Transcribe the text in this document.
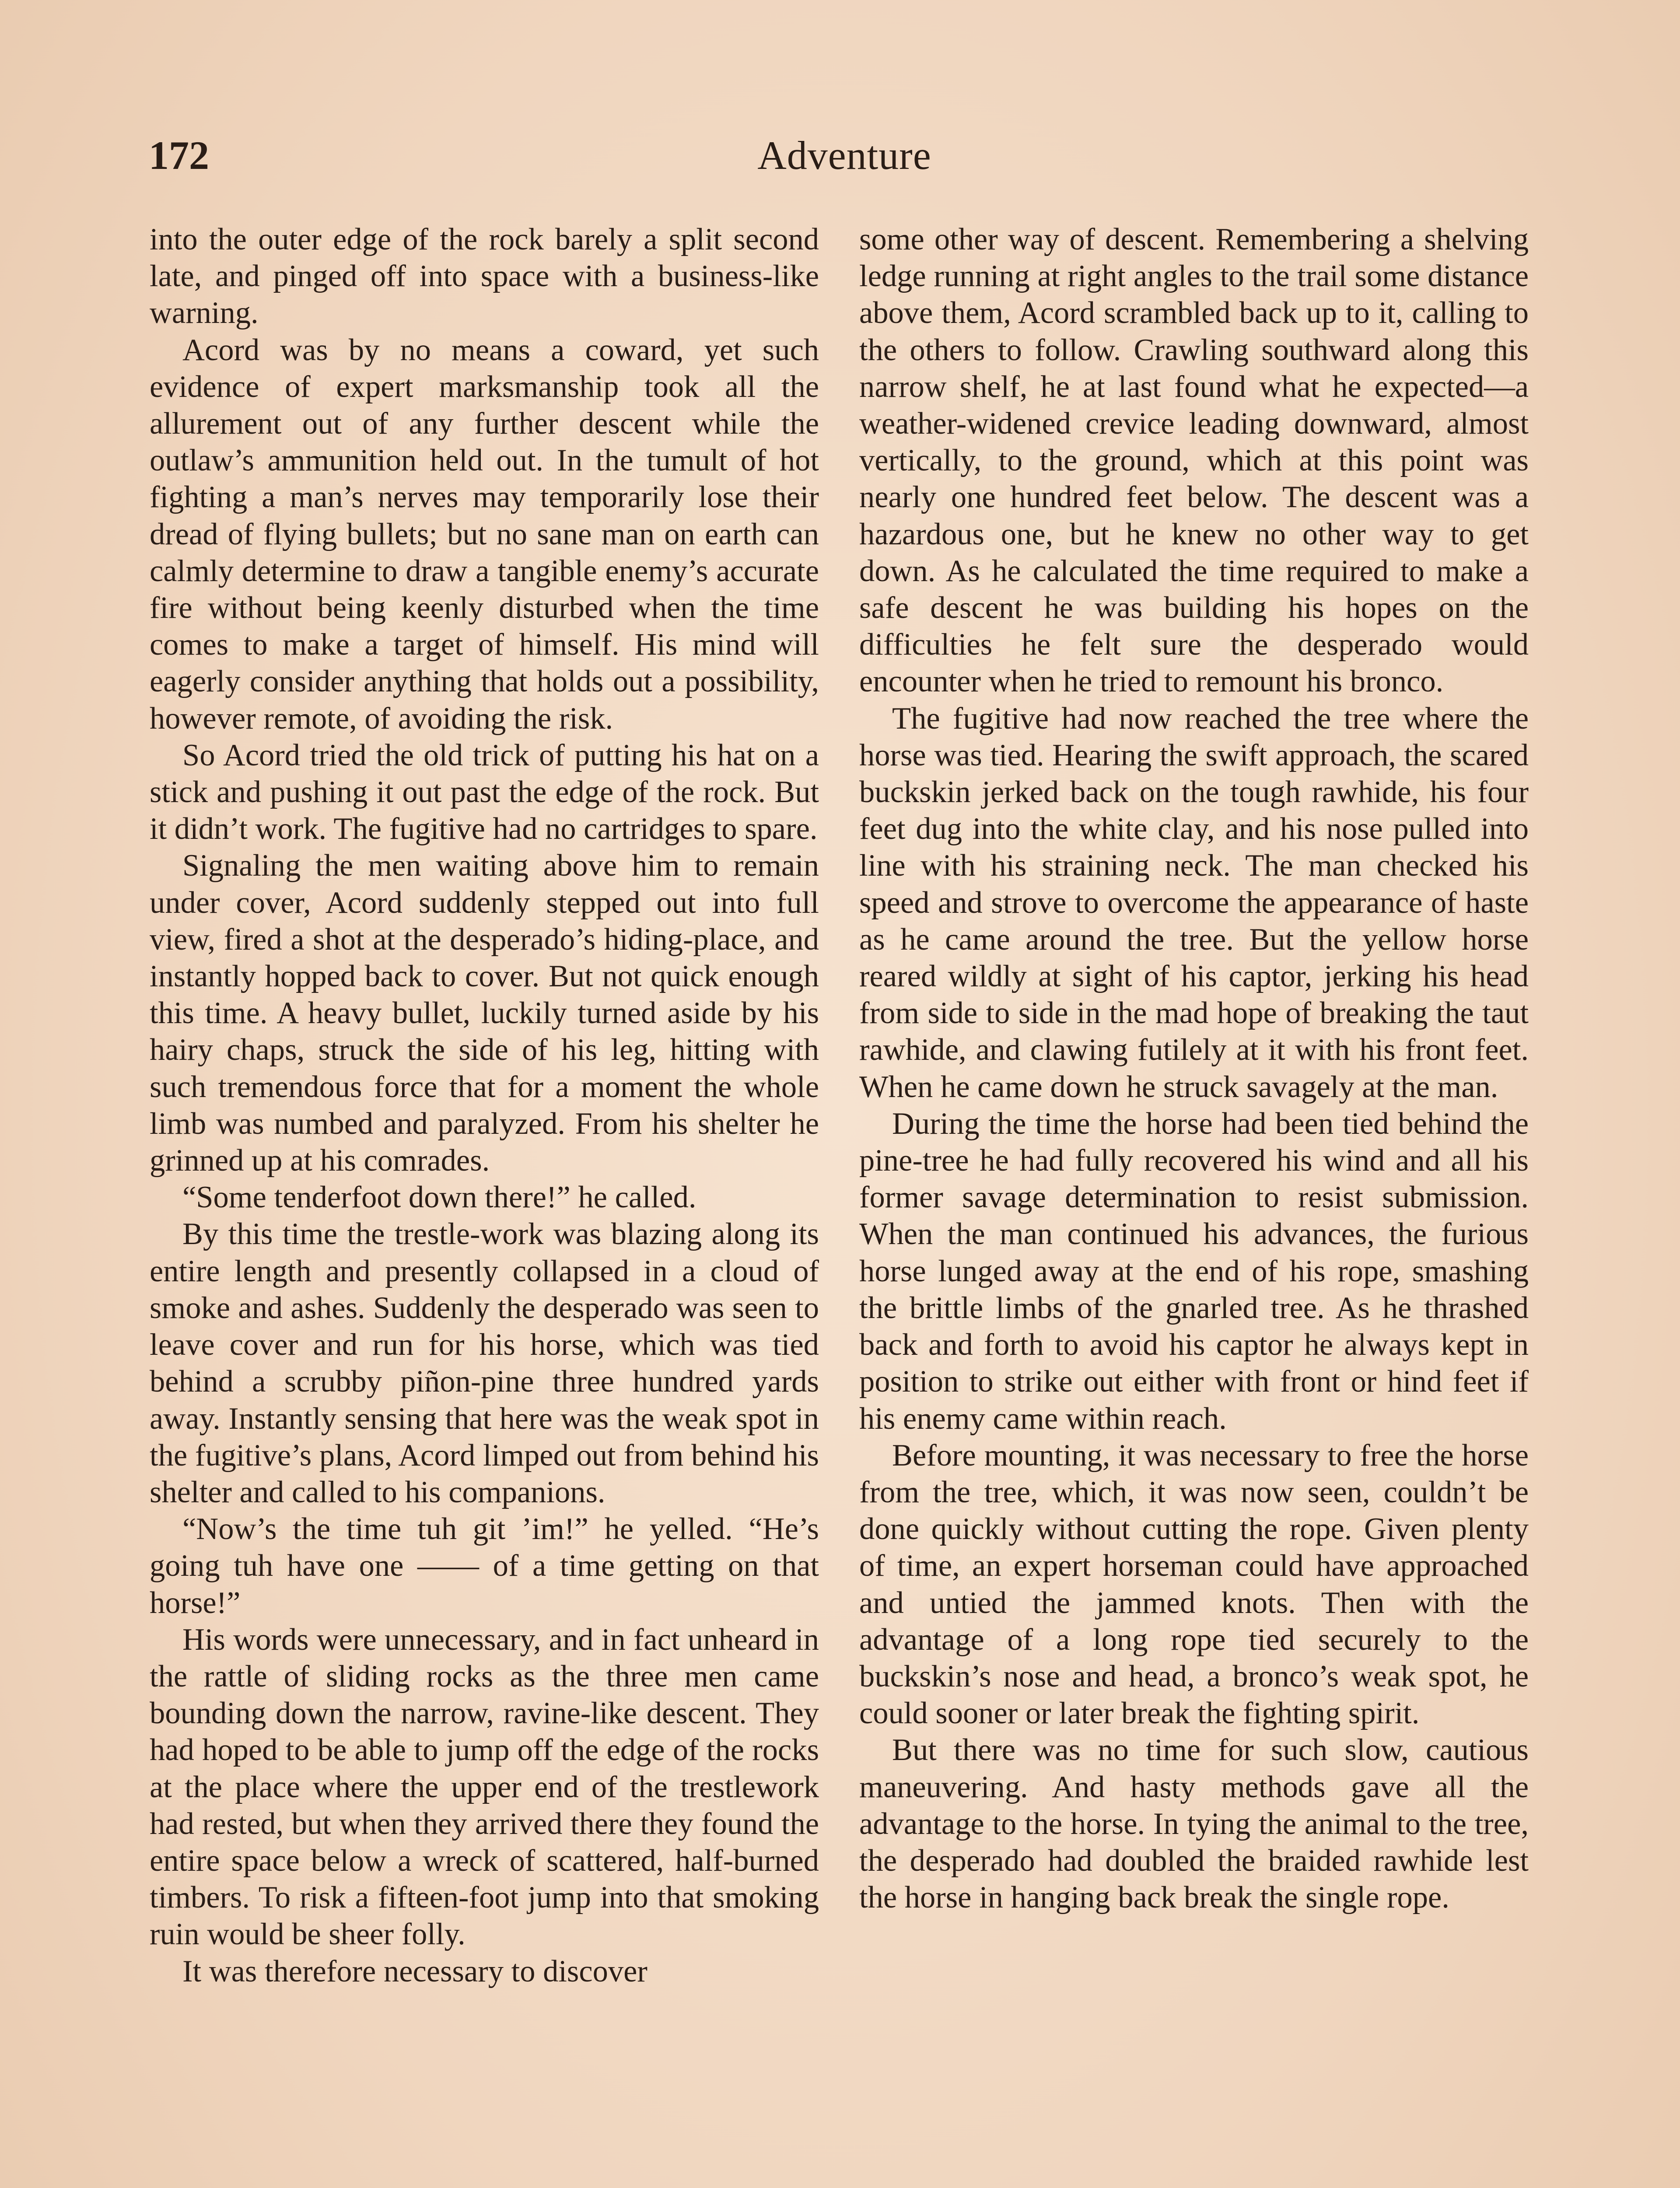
172	Adventure

into the outer edge of the rock barely a split second late, and pinged off into space with a business-like warning.

Acord was by no means a coward, yet such evidence of expert marksmanship took all the allurement out of any further descent while the outlaw’s ammunition held out. In the tumult of hot fighting a man’s nerves may temporarily lose their dread of flying bullets; but no sane man on earth can calmly determine to draw a tangible enemy’s accurate fire without being keenly disturbed when the time comes to make a target of himself. His mind will eagerly consider anything that holds out a possibility, however remote, of avoiding the risk.

So Acord tried the old trick of putting his hat on a stick and pushing it out past the edge of the rock. But it didn’t work. The fugitive had no cartridges to spare.

Signaling the men waiting above him to remain under cover, Acord suddenly stepped out into full view, fired a shot at the desperado’s hiding-place, and instantly hopped back to cover. But not quick enough this time. A heavy bullet, luckily turned aside by his hairy chaps, struck the side of his leg, hitting with such tremendous force that for a moment the whole limb was numbed and paralyzed. From his shelter he grinned up at his comrades.

“Some tenderfoot down there!” he called.

By this time the trestle-work was blazing along its entire length and presently collapsed in a cloud of smoke and ashes. Suddenly the desperado was seen to leave cover and run for his horse, which was tied behind a scrubby piñon-pine three hundred yards away. Instantly sensing that here was the weak spot in the fugitive’s plans, Acord limped out from behind his shelter and called to his companions.

“Now’s the time tuh git ’im!” he yelled. “He’s going tuh have one —— of a time getting on that horse!”

His words were unnecessary, and in fact unheard in the rattle of sliding rocks as the three men came bounding down the narrow, ravine-like descent. They had hoped to be able to jump off the edge of the rocks at the place where the upper end of the trestlework had rested, but when they arrived there they found the entire space below a wreck of scattered, half-burned timbers. To risk a fifteen-foot jump into that smoking ruin would be sheer folly.

It was therefore necessary to discover

some other way of descent. Remembering a shelving ledge running at right angles to the trail some distance above them, Acord scrambled back up to it, calling to the others to follow. Crawling southward along this narrow shelf, he at last found what he expected—a weather-widened crevice leading downward, almost vertically, to the ground, which at this point was nearly one hundred feet below. The descent was a hazardous one, but he knew no other way to get down. As he calculated the time required to make a safe descent he was building his hopes on the difficulties he felt sure the desperado would encounter when he tried to remount his bronco.

The fugitive had now reached the tree where the horse was tied. Hearing the swift approach, the scared buckskin jerked back on the tough rawhide, his four feet dug into the white clay, and his nose pulled into line with his straining neck. The man checked his speed and strove to overcome the appearance of haste as he came around the tree. But the yellow horse reared wildly at sight of his captor, jerking his head from side to side in the mad hope of breaking the taut rawhide, and clawing futilely at it with his front feet. When he came down he struck savagely at the man.

During the time the horse had been tied behind the pine-tree he had fully recovered his wind and all his former savage determination to resist submission. When the man continued his advances, the furious horse lunged away at the end of his rope, smashing the brittle limbs of the gnarled tree. As he thrashed back and forth to avoid his captor he always kept in position to strike out either with front or hind feet if his enemy came within reach.

Before mounting, it was necessary to free the horse from the tree, which, it was now seen, couldn’t be done quickly without cutting the rope. Given plenty of time, an expert horseman could have approached and untied the jammed knots. Then with the advantage of a long rope tied securely to the buckskin’s nose and head, a bronco’s weak spot, he could sooner or later break the fighting spirit.

But there was no time for such slow, cautious maneuvering. And hasty methods gave all the advantage to the horse. In tying the animal to the tree, the desperado had doubled the braided rawhide lest the horse in hanging back break the single rope.
